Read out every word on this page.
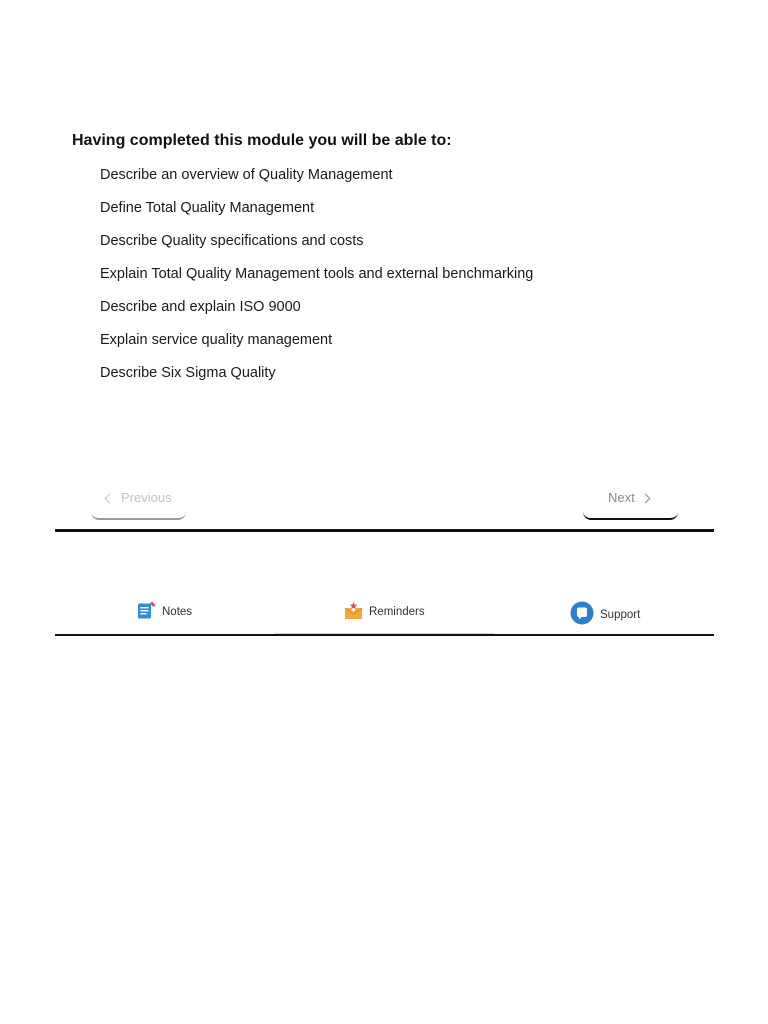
Having completed this module you will be able to:
Describe an overview of Quality Management
Define Total Quality Management
Describe Quality specifications and costs
Explain Total Quality Management tools and external benchmarking
Describe and explain ISO 9000
Explain service quality management
Describe Six Sigma Quality
Previous	Next
Notes	Reminders	Support
